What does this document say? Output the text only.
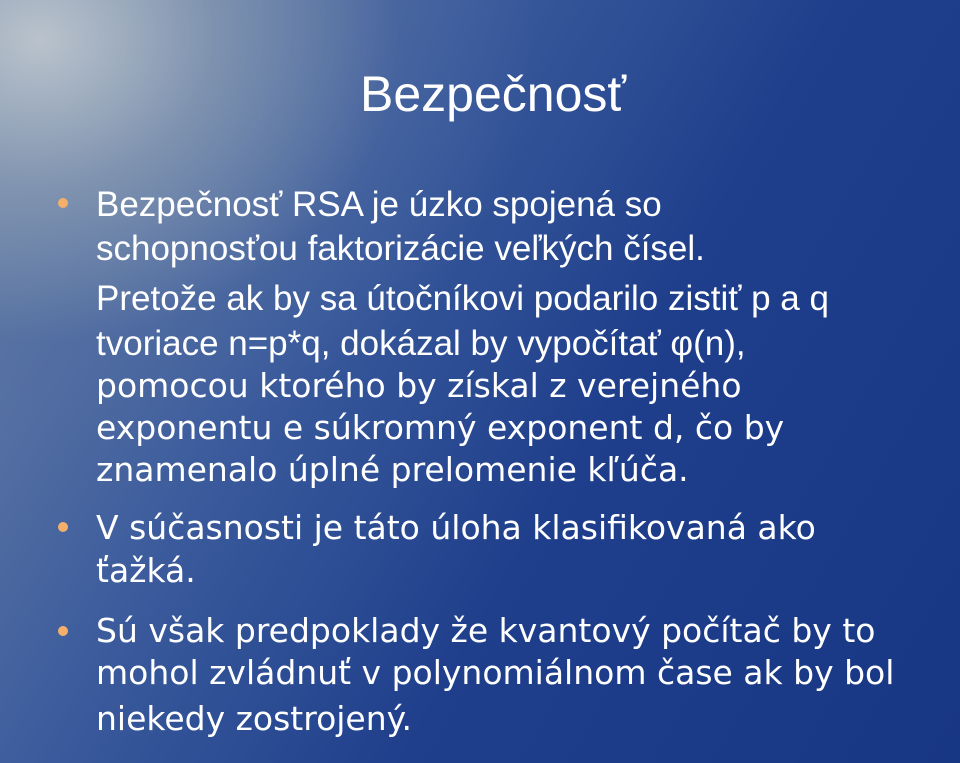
Bezpečnosť
Bezpečnosť RSA je úzko spojená so
schopnosťou faktorizácie veľkých čísel.
Pretože ak by sa útočníkovi podarilo zistiť p a q
tvoriace n=p*q, dokázal by vypočítať φ(n),
pomocou ktorého by získal z verejného
exponentu e súkromný exponent d, čo by
znamenalo úplné prelomenie kľúča.
V súčasnosti je táto úloha klasifikovaná ako
ťažká.
Sú však predpoklady že kvantový počítač by to
mohol zvládnuť v polynomiálnom čase ak by bol
niekedy zostrojený.
